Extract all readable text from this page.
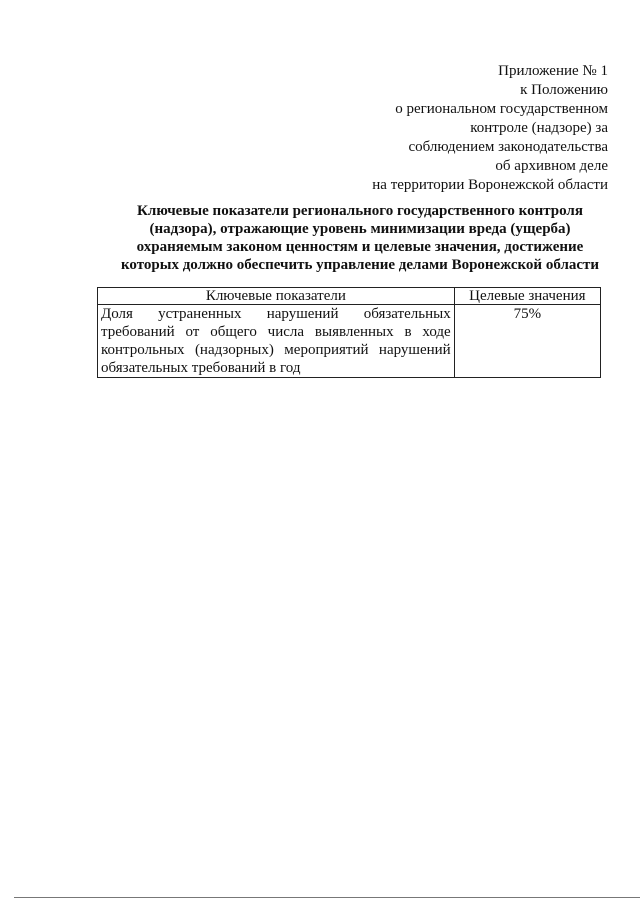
Приложение № 1
к Положению
о региональном государственном
контроле (надзоре) за
соблюдением законодательства
об архивном деле
на территории Воронежской области
Ключевые показатели регионального государственного контроля
(надзора), отражающие уровень минимизации вреда (ущерба)
охраняемым законом ценностям и целевые значения, достижение
которых должно обеспечить управление делами Воронежской области
Ключевые показатели	Целевые значения
Доля устраненных нарушений обязательных требований от общего числа выявленных в ходе контрольных (надзорных) мероприятий нарушений обязательных требований в год	75%
